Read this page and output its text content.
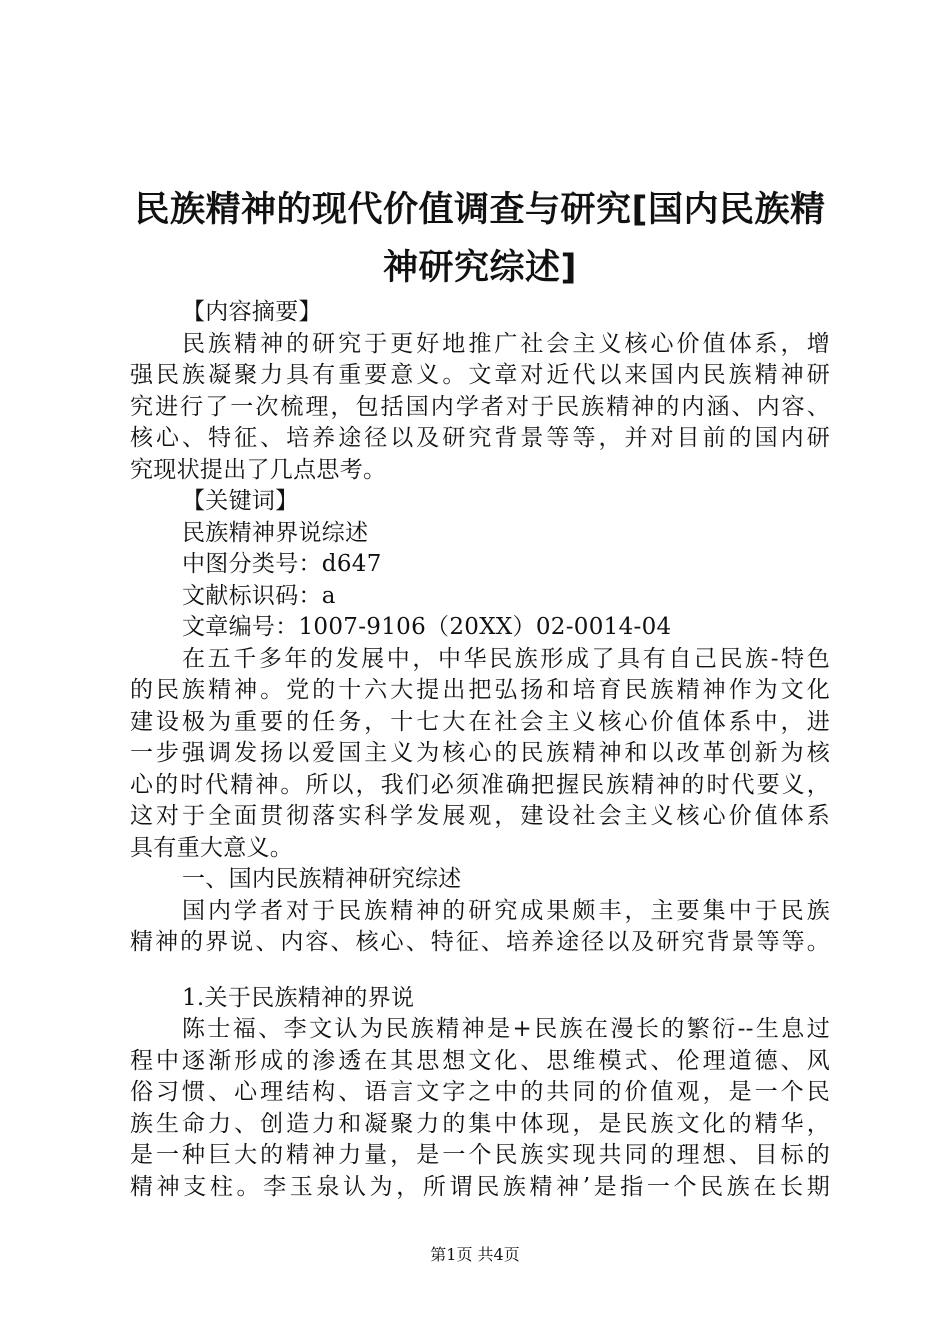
民族精神的现代价值调查与研究[国内民族精
神研究综述]
【内容摘要】
民族精神的研究于更好地推广社会主义核心价值体系，增
强民族凝聚力具有重要意义。文章对近代以来国内民族精神研
究进行了一次梳理，包括国内学者对于民族精神的内涵、内容、
核心、特征、培养途径以及研究背景等等，并对目前的国内研
究现状提出了几点思考。
【关键词】
民族精神界说综述
中图分类号：d647
文献标识码：a
文章编号：1007-9106（20XX）02-0014-04
在五千多年的发展中，中华民族形成了具有自己民族-特色
的民族精神。党的十六大提出把弘扬和培育民族精神作为文化
建设极为重要的任务，十七大在社会主义核心价值体系中，进
一步强调发扬以爱国主义为核心的民族精神和以改革创新为核
心的时代精神。所以，我们必须准确把握民族精神的时代要义，
这对于全面贯彻落实科学发展观，建设社会主义核心价值体系
具有重大意义。
一、国内民族精神研究综述
国内学者对于民族精神的研究成果颇丰，主要集中于民族
精神的界说、内容、核心、特征、培养途径以及研究背景等等。
1.关于民族精神的界说
陈士福、李文认为民族精神是+民族在漫长的繁衍--生息过
程中逐渐形成的渗透在其思想文化、思维模式、伦理道德、风
俗习惯、心理结构、语言文字之中的共同的价值观，是一个民
族生命力、创造力和凝聚力的集中体现，是民族文化的精华，
是一种巨大的精神力量，是一个民族实现共同的理想、目标的
精神支柱。李玉泉认为，所谓民族精神’是指一个民族在长期
第1页 共4页
